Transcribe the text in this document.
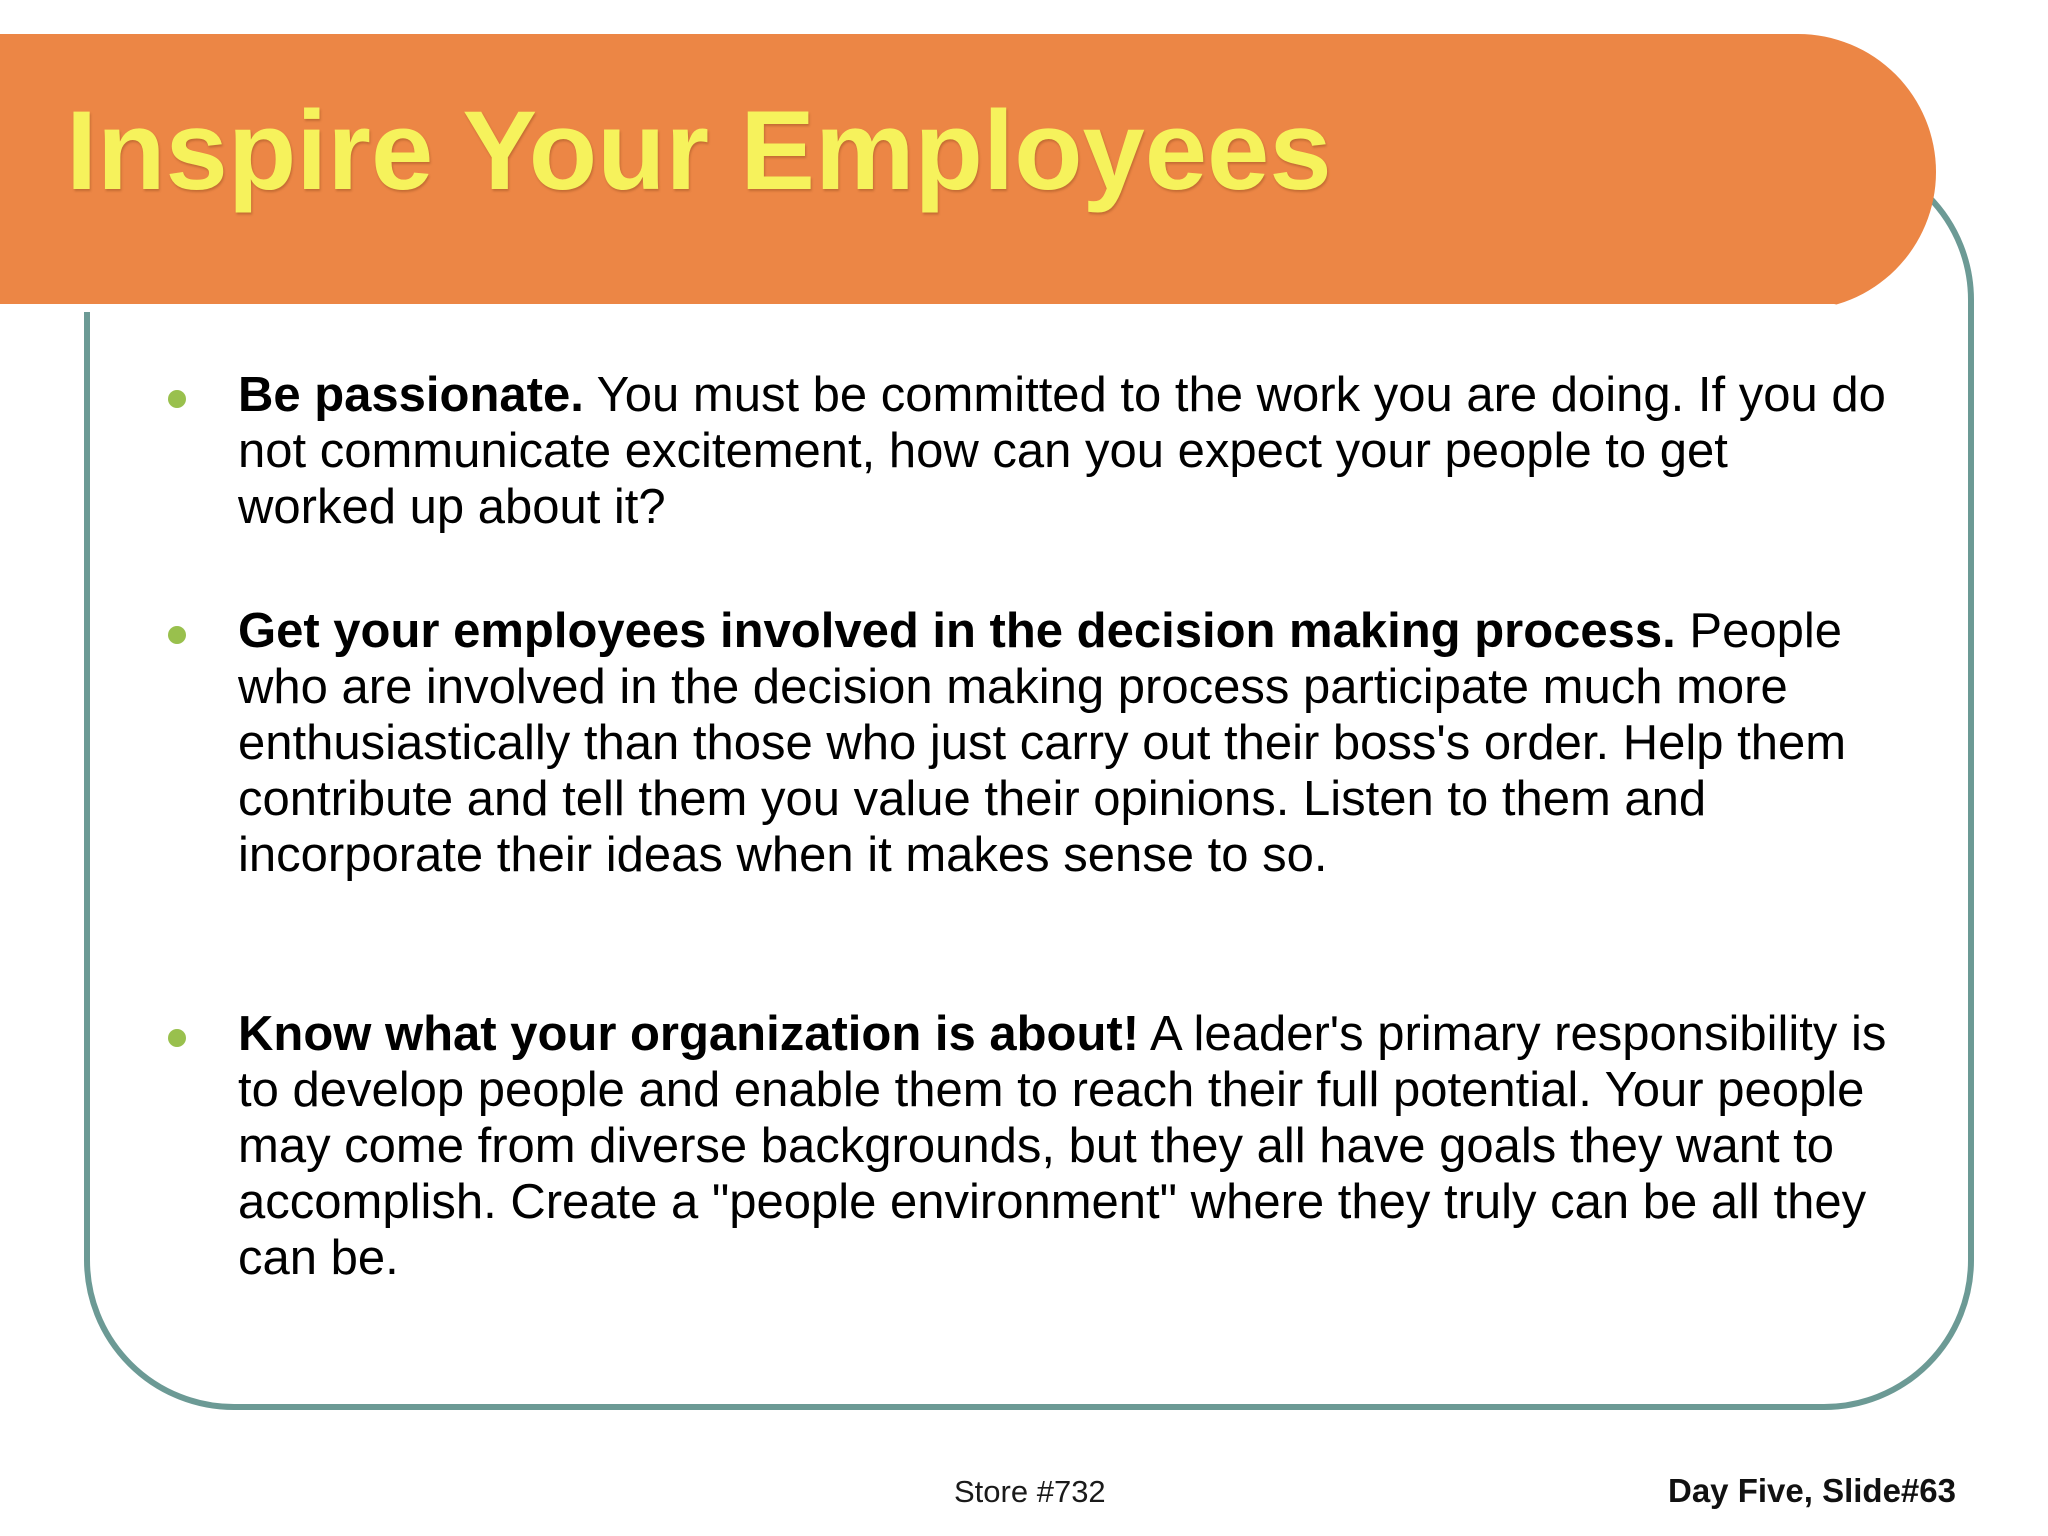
Inspire Your Employees

Be passionate. You must be committed to the work you are doing. If you do not communicate excitement, how can you expect your people to get worked up about it?

Get your employees involved in the decision making process. People who are involved in the decision making process participate much more enthusiastically than those who just carry out their boss's order. Help them contribute and tell them you value their opinions. Listen to them and incorporate their ideas when it makes sense to so.

Know what your organization is about! A leader's primary responsibility is to develop people and enable them to reach their full potential. Your people may come from diverse backgrounds, but they all have goals they want to accomplish. Create a "people environment" where they truly can be all they can be.

Store #732	Day Five, Slide#63
